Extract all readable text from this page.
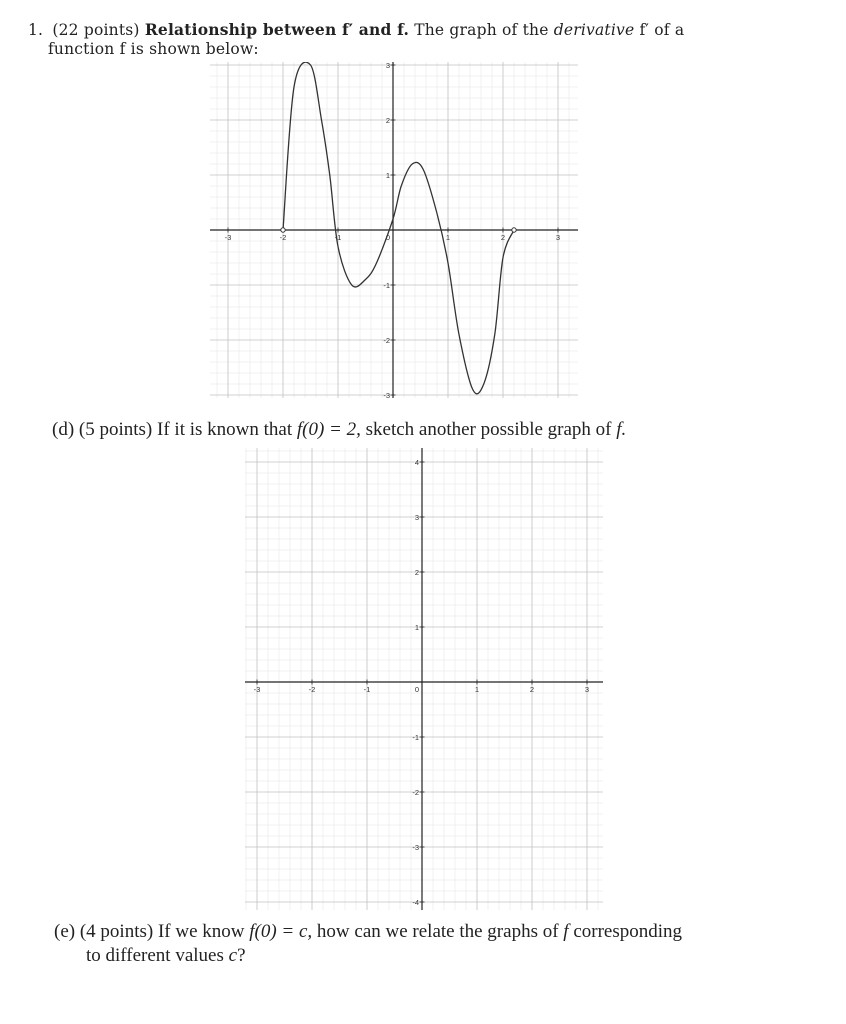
1. (22 points) Relationship between f′ and f. The graph of the derivative f′ of a
function f is shown below:
-3	-2	-1	0	1	2	3
3
2
1
-1
-2
-3
(d) (5 points) If it is known that f(0) = 2, sketch another possible graph of f.
-3	-2	-1	0	1	2	3
4
3
2
1
-1
-2
-3
-4
(e) (4 points) If we know f(0) = c, how can we relate the graphs of f corresponding
to different values c?
